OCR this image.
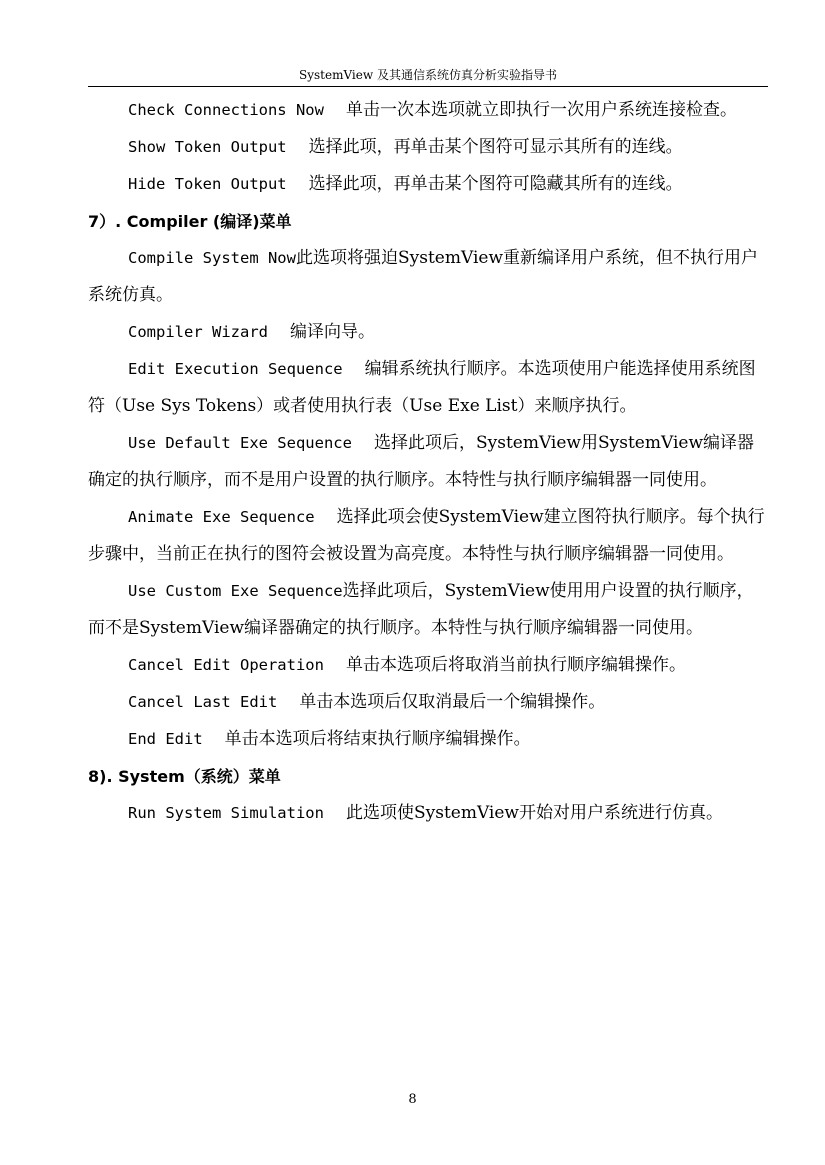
SystemView 及其通信系统仿真分析实验指导书

Check Connections Now 单击一次本选项就立即执行一次用户系统连接检查。

Show Token Output 选择此项，再单击某个图符可显示其所有的连线。

Hide Token Output 选择此项，再单击某个图符可隐藏其所有的连线。

7）. Compiler (编译)菜单

Compile System Now此选项将强迫SystemView重新编译用户系统，但不执行用户系统仿真。

Compiler Wizard 编译向导。

Edit Execution Sequence 编辑系统执行顺序。本选项使用户能选择使用系统图符（Use Sys Tokens）或者使用执行表（Use Exe List）来顺序执行。

Use Default Exe Sequence 选择此项后，SystemView用SystemView编译器确定的执行顺序，而不是用户设置的执行顺序。本特性与执行顺序编辑器一同使用。

Animate Exe Sequence 选择此项会使SystemView建立图符执行顺序。每个执行步骤中，当前正在执行的图符会被设置为高亮度。本特性与执行顺序编辑器一同使用。

Use Custom Exe Sequence选择此项后，SystemView使用用户设置的执行顺序，而不是SystemView编译器确定的执行顺序。本特性与执行顺序编辑器一同使用。

Cancel Edit Operation 单击本选项后将取消当前执行顺序编辑操作。

Cancel Last Edit 单击本选项后仅取消最后一个编辑操作。

End Edit 单击本选项后将结束执行顺序编辑操作。

8). System（系统）菜单

Run System Simulation 此选项使SystemView开始对用户系统进行仿真。

8
